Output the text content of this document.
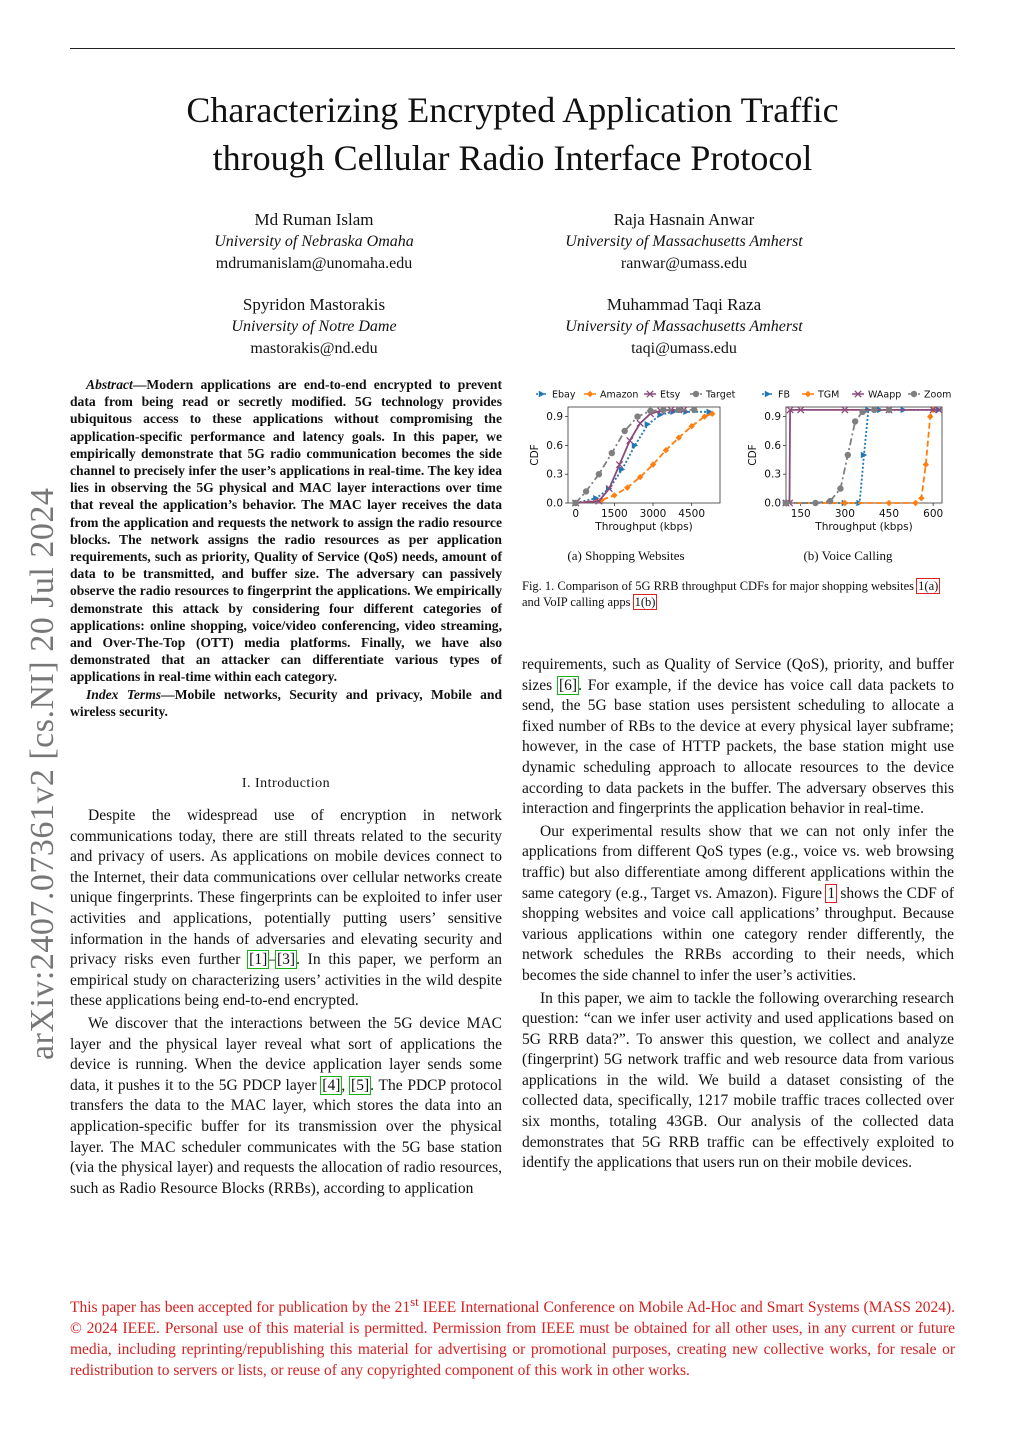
Characterizing Encrypted Application Traffic
through Cellular Radio Interface Protocol
arXiv:2407.07361v2 [cs.NI] 20 Jul 2024
Md Ruman Islam
University of Nebraska Omaha
mdrumanislam@unomaha.edu
Raja Hasnain Anwar
University of Massachusetts Amherst
ranwar@umass.edu
Spyridon Mastorakis
University of Notre Dame
mastorakis@nd.edu
Muhammad Taqi Raza
University of Massachusetts Amherst
taqi@umass.edu

Abstract—Modern applications are end-to-end encrypted to prevent data from being read or secretly modified. 5G technology provides ubiquitous access to these applications without compromising the application-specific performance and latency goals. In this paper, we empirically demonstrate that 5G radio communication becomes the side channel to precisely infer the user’s applications in real-time. The key idea lies in observing the 5G physical and MAC layer interactions over time that reveal the application’s behavior. The MAC layer receives the data from the application and requests the network to assign the radio resource blocks. The network assigns the radio resources as per application requirements, such as priority, Quality of Service (QoS) needs, amount of data to be transmitted, and buffer size. The adversary can passively observe the radio resources to fingerprint the applications. We empirically demonstrate this attack by considering four different categories of applications: online shopping, voice/video conferencing, video streaming, and Over-The-Top (OTT) media platforms. Finally, we have also demonstrated that an attacker can differentiate various types of applications in real-time within each category.

Index Terms—Mobile networks, Security and privacy, Mobile and wireless security.

I. Introduction

Despite the widespread use of encryption in network communications today, there are still threats related to the security and privacy of users. As applications on mobile devices connect to the Internet, their data communications over cellular networks create unique fingerprints. These fingerprints can be exploited to infer user activities and applications, potentially putting users’ sensitive information in the hands of adversaries and elevating security and privacy risks even further [1]–[3]. In this paper, we perform an empirical study on characterizing users’ activities in the wild despite these applications being end-to-end encrypted.

We discover that the interactions between the 5G device MAC layer and the physical layer reveal what sort of applications the device is running. When the device application layer sends some data, it pushes it to the 5G PDCP layer [4], [5]. The PDCP protocol transfers the data to the MAC layer, which stores the data into an application-specific buffer for its transmission over the physical layer. The MAC scheduler communicates with the 5G base station (via the physical layer) and requests the allocation of radio resources, such as Radio Resource Blocks (RRBs), according to application

Ebay	Amazon Etsy	Target
0.0
0.3
0.6
0.9
0 1500 3000 4500
Throughput (kbps)
CDF
FB	TGM	WAapp Zoom
0.0
0.3
0.6
0.9
150 300 450 600
Throughput (kbps)
CDF
(a) Shopping Websites	(b) Voice Calling
Fig. 1. Comparison of 5G RRB throughput CDFs for major shopping websites 1(a) and VoIP calling apps 1(b)

requirements, such as Quality of Service (QoS), priority, and buffer sizes [6]. For example, if the device has voice call data packets to send, the 5G base station uses persistent scheduling to allocate a fixed number of RBs to the device at every physical layer subframe; however, in the case of HTTP packets, the base station might use dynamic scheduling approach to allocate resources to the device according to data packets in the buffer. The adversary observes this interaction and fingerprints the application behavior in real-time.

Our experimental results show that we can not only infer the applications from different QoS types (e.g., voice vs. web browsing traffic) but also differentiate among different applications within the same category (e.g., Target vs. Amazon). Figure 1 shows the CDF of shopping websites and voice call applications’ throughput. Because various applications within one category render differently, the network schedules the RRBs according to their needs, which becomes the side channel to infer the user’s activities.

In this paper, we aim to tackle the following overarching research question: “can we infer user activity and used applications based on 5G RRB data?”. To answer this question, we collect and analyze (fingerprint) 5G network traffic and web resource data from various applications in the wild. We build a dataset consisting of the collected data, specifically, 1217 mobile traffic traces collected over six months, totaling 43GB. Our analysis of the collected data demonstrates that 5G RRB traffic can be effectively exploited to identify the applications that users run on their mobile devices.

This paper has been accepted for publication by the 21st IEEE International Conference on Mobile Ad-Hoc and Smart Systems (MASS 2024). © 2024 IEEE. Personal use of this material is permitted. Permission from IEEE must be obtained for all other uses, in any current or future media, including reprinting/republishing this material for advertising or promotional purposes, creating new collective works, for resale or redistribution to servers or lists, or reuse of any copyrighted component of this work in other works.
